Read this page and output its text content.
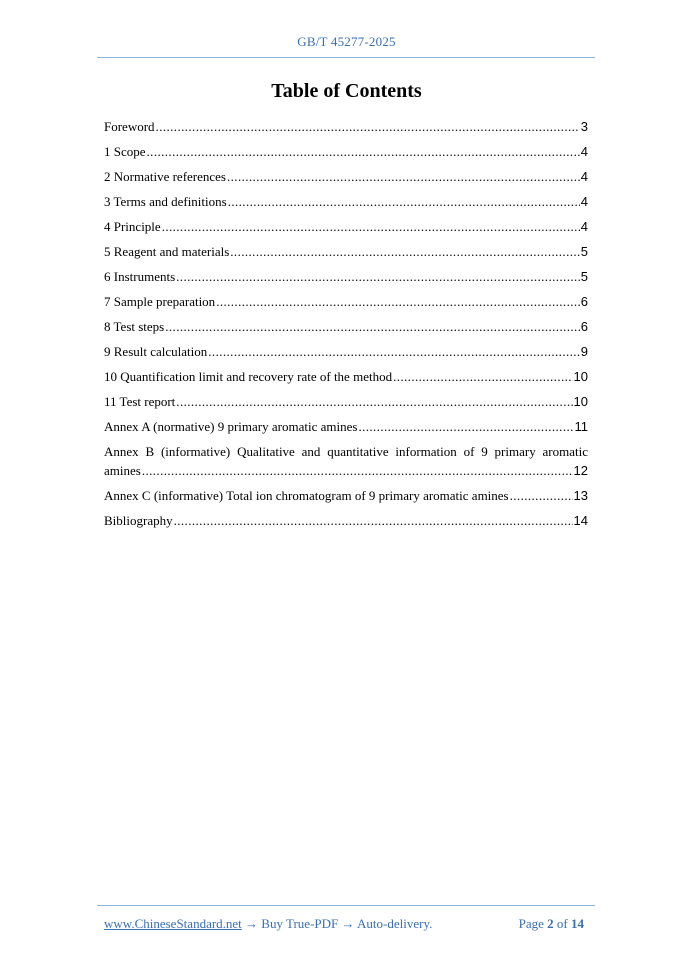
GB/T 45277-2025
Table of Contents
Foreword .....	3
1 Scope .....	4
2 Normative references .....	4
3 Terms and definitions .....	4
4 Principle .....	4
5 Reagent and materials .....	5
6 Instruments .....	5
7 Sample preparation .....	6
8 Test steps .....	6
9 Result calculation .....	9
10 Quantification limit and recovery rate of the method .....	10
11 Test report .....	10
Annex A (normative) 9 primary aromatic amines .....	11
Annex B (informative) Qualitative and quantitative information of 9 primary aromatic
amines .....	12
Annex C (informative) Total ion chromatogram of 9 primary aromatic amines .....	13
Bibliography .....	14
www.ChineseStandard.net → Buy True-PDF → Auto-delivery.	Page 2 of 14
